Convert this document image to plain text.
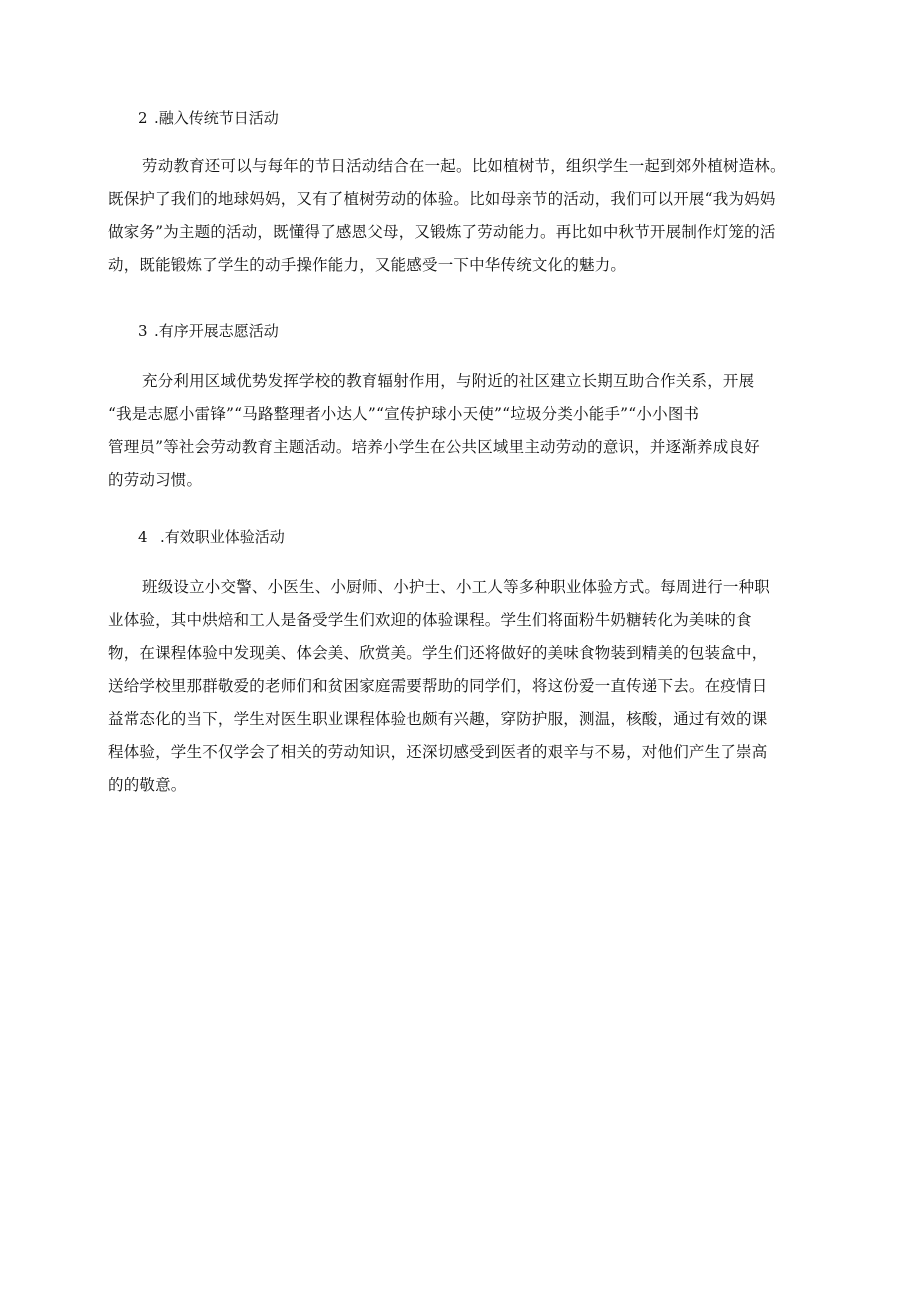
2 .融入传统节日活动
劳动教育还可以与每年的节日活动结合在一起。比如植树节，组织学生一起到郊外植树造林。
既保护了我们的地球妈妈，又有了植树劳动的体验。比如母亲节的活动，我们可以开展“我为妈妈
做家务”为主题的活动，既懂得了感恩父母，又锻炼了劳动能力。再比如中秋节开展制作灯笼的活
动，既能锻炼了学生的动手操作能力，又能感受一下中华传统文化的魅力。
3 .有序开展志愿活动
充分利用区域优势发挥学校的教育辐射作用，与附近的社区建立长期互助合作关系，开展
“我是志愿小雷锋”“马路整理者小达人”“宣传护球小天使”“垃圾分类小能手”“小小图书
管理员”等社会劳动教育主题活动。培养小学生在公共区域里主动劳动的意识，并逐渐养成良好
的劳动习惯。
4 .有效职业体验活动
班级设立小交警、小医生、小厨师、小护士、小工人等多种职业体验方式。每周进行一种职
业体验，其中烘焙和工人是备受学生们欢迎的体验课程。学生们将面粉牛奶糖转化为美味的食
物，在课程体验中发现美、体会美、欣赏美。学生们还将做好的美味食物装到精美的包装盒中，
送给学校里那群敬爱的老师们和贫困家庭需要帮助的同学们，将这份爱一直传递下去。在疫情日
益常态化的当下，学生对医生职业课程体验也颇有兴趣，穿防护服，测温，核酸，通过有效的课
程体验，学生不仅学会了相关的劳动知识，还深切感受到医者的艰辛与不易，对他们产生了崇高
的的敬意。
